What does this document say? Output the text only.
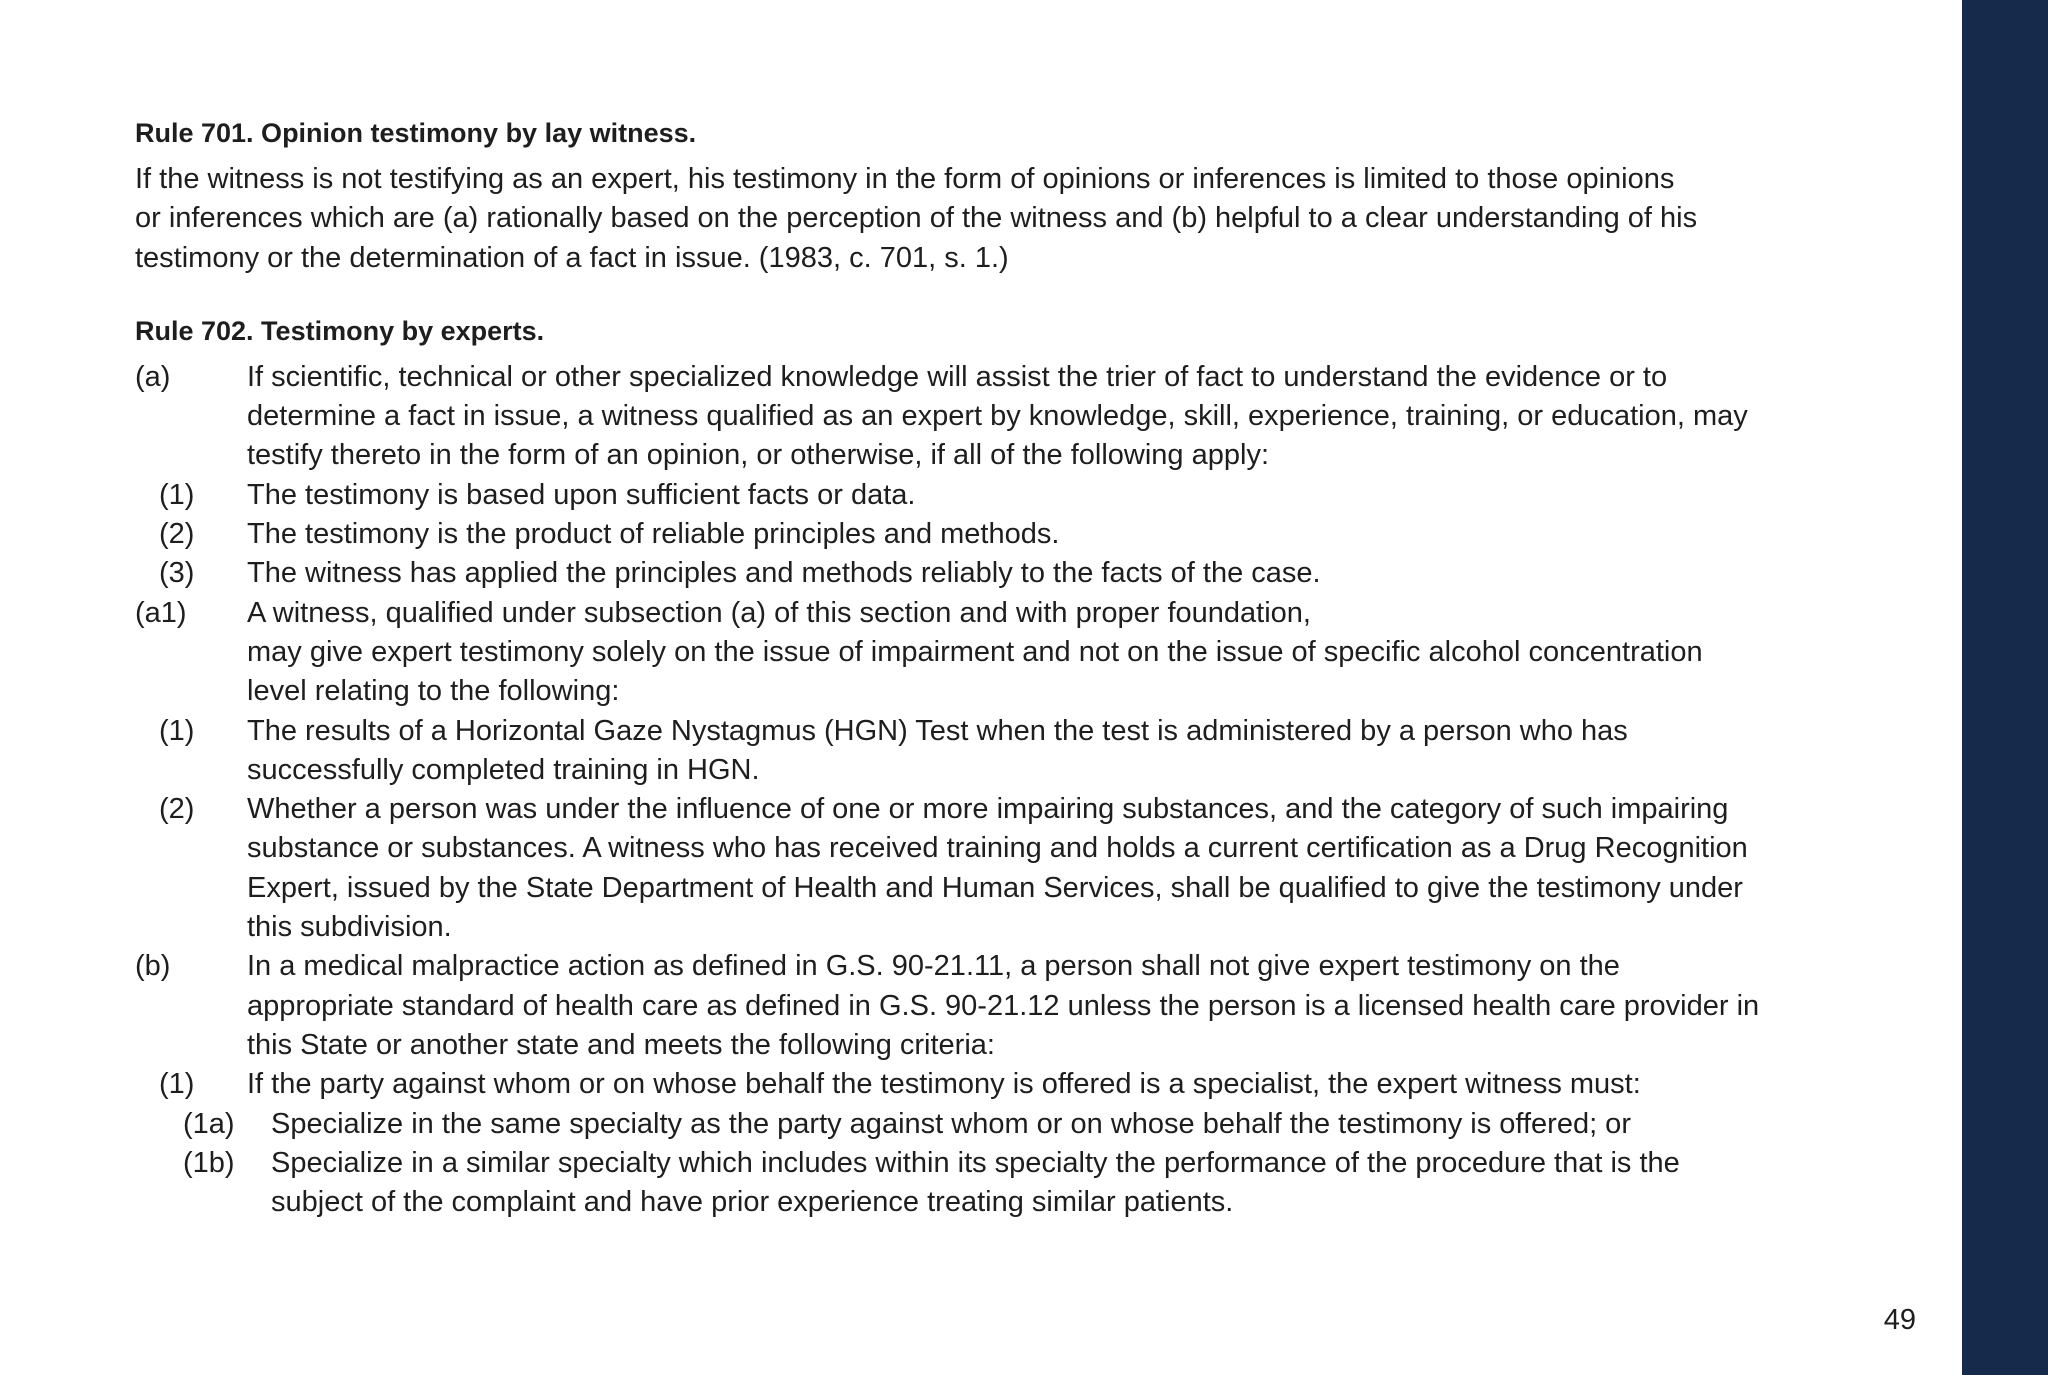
Rule 701. Opinion testimony by lay witness.

If the witness is not testifying as an expert, his testimony in the form of opinions or inferences is limited to those opinions
or inferences which are (a) rationally based on the perception of the witness and (b) helpful to a clear understanding of his
testimony or the determination of a fact in issue. (1983, c. 701, s. 1.)

Rule 702. Testimony by experts.
(a)	If scientific, technical or other specialized knowledge will assist the trier of fact to understand the evidence or to
determine a fact in issue, a witness qualified as an expert by knowledge, skill, experience, training, or education, may
testify thereto in the form of an opinion, or otherwise, if all of the following apply:
(1) The testimony is based upon sufficient facts or data.
(2) The testimony is the product of reliable principles and methods.
(3) The witness has applied the principles and methods reliably to the facts of the case.
(a1) A witness, qualified under subsection (a) of this section and with proper foundation,
may give expert testimony solely on the issue of impairment and not on the issue of specific alcohol concentration
level relating to the following:
(1) The results of a Horizontal Gaze Nystagmus (HGN) Test when the test is administered by a person who has
successfully completed training in HGN.
(2) Whether a person was under the influence of one or more impairing substances, and the category of such impairing
substance or substances. A witness who has received training and holds a current certification as a Drug Recognition
Expert, issued by the State Department of Health and Human Services, shall be qualified to give the testimony under
this subdivision.
(b)	In a medical malpractice action as defined in G.S. 90-21.11, a person shall not give expert testimony on the
appropriate standard of health care as defined in G.S. 90-21.12 unless the person is a licensed health care provider in
this State or another state and meets the following criteria:
(1) If the party against whom or on whose behalf the testimony is offered is a specialist, the expert witness must:
(1a) Specialize in the same specialty as the party against whom or on whose behalf the testimony is offered; or
(1b) Specialize in a similar specialty which includes within its specialty the performance of the procedure that is the
subject of the complaint and have prior experience treating similar patients.
49
